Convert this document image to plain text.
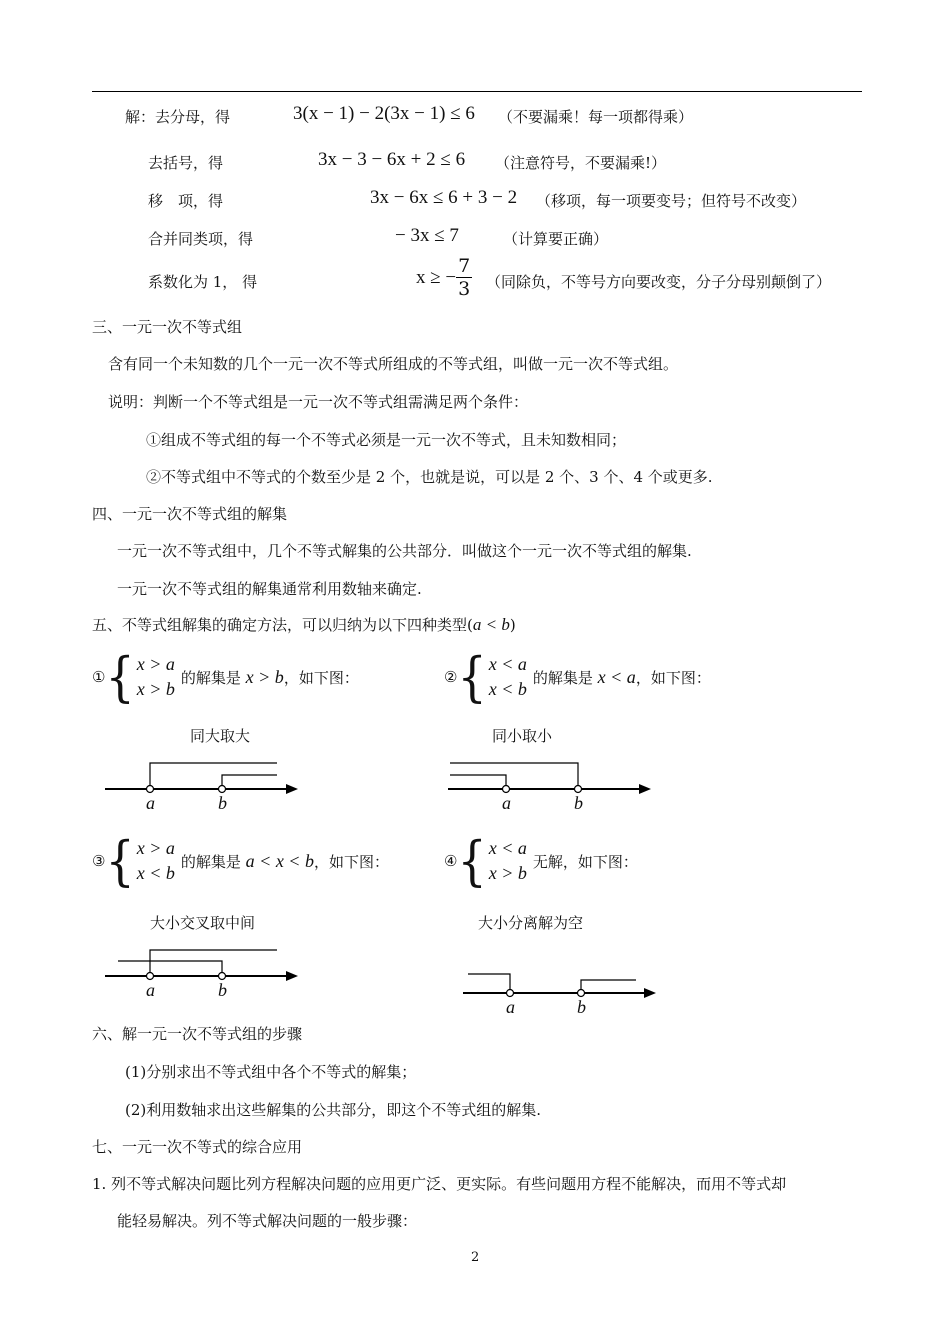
解：去分母，得	3(x − 1) − 2(3x − 1) ≤ 6 （不要漏乘！每一项都得乘）
去括号，得	3x − 3 − 6x + 2 ≤ 6 （注意符号，不要漏乘!）
移　项，得	3x − 6x ≤ 6 + 3 − 2 （移项，每一项要变号；但符号不改变）
合并同类项，得	− 3x ≤ 7	（计算要正确）
系数化为 1， 得	x ≥ − $\frac{7}{3}$ （同除负，不等号方向要改变，分子分母别颠倒了）
三、一元一次不等式组
含有同一个未知数的几个一元一次不等式所组成的不等式组，叫做一元一次不等式组。
说明：判断一个不等式组是一元一次不等式组需满足两个条件：
①组成不等式组的每一个不等式必须是一元一次不等式，且未知数相同；
②不等式组中不等式的个数至少是 2 个，也就是说，可以是 2 个、3 个、4 个或更多.
四、一元一次不等式组的解集
一元一次不等式组中，几个不等式解集的公共部分．叫做这个一元一次不等式组的解集.
一元一次不等式组的解集通常利用数轴来确定.
五、不等式组解集的确定方法，可以归纳为以下四种类型(a < b)
① { x > a
x > b
的解集是 x > b，如下图：	② { x < a
x < b
的解集是 x < a，如下图：
同大取大	同小取小
a	b	a	b
③ { x > a
x < b
的解集是 a < x < b，如下图：	④ { x < a
x > b
无解，如下图：
大小交叉取中间	大小分离解为空
a	b
a	b
六、解一元一次不等式组的步骤
(1)分别求出不等式组中各个不等式的解集；
(2)利用数轴求出这些解集的公共部分，即这个不等式组的解集.
七、一元一次不等式的综合应用
1. 列不等式解决问题比列方程解决问题的应用更广泛、更实际。有些问题用方程不能解决，而用不等式却
能轻易解决。列不等式解决问题的一般步骤：
2
